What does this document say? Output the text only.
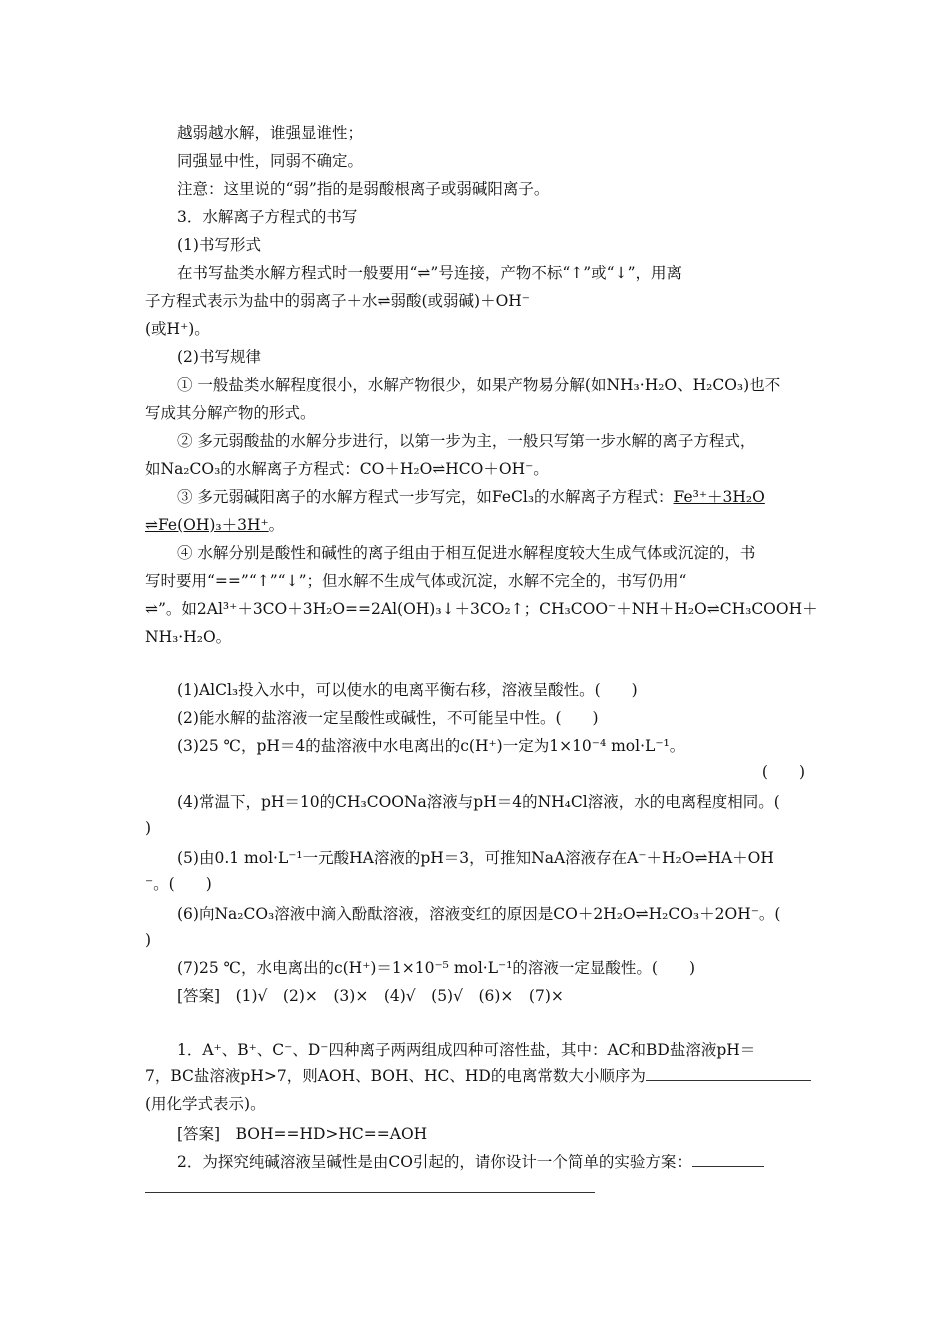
越弱越水解，谁强显谁性；
同强显中性，同弱不确定。
注意：这里说的“弱”指的是弱酸根离子或弱碱阳离子。
3．水解离子方程式的书写
(1)书写形式
在书写盐类水解方程式时一般要用“⇌”号连接，产物不标“↑”或“↓”，用离
子方程式表示为盐中的弱离子＋水⇌弱酸(或弱碱)＋OH⁻
(或H⁺)。
(2)书写规律
① 一般盐类水解程度很小，水解产物很少，如果产物易分解(如NH₃·H₂O、H₂CO₃)也不
写成其分解产物的形式。
② 多元弱酸盐的水解分步进行，以第一步为主，一般只写第一步水解的离子方程式，
如Na₂CO₃的水解离子方程式：CO＋H₂O⇌HCO＋OH⁻。
③ 多元弱碱阳离子的水解方程式一步写完，如FeCl₃的水解离子方程式：Fe³⁺＋3H₂O
⇌Fe(OH)₃＋3H⁺。
④ 水解分别是酸性和碱性的离子组由于相互促进水解程度较大生成气体或沉淀的，书
写时要用“==”“↑”“↓”；但水解不生成气体或沉淀，水解不完全的，书写仍用“
⇌”。如2Al³⁺＋3CO＋3H₂O==2Al(OH)₃↓＋3CO₂↑；CH₃COO⁻＋NH＋H₂O⇌CH₃COOH＋
NH₃·H₂O。
(1)AlCl₃投入水中，可以使水的电离平衡右移，溶液呈酸性。(　　)
(2)能水解的盐溶液一定呈酸性或碱性，不可能呈中性。(　　)
(3)25 ℃，pH＝4的盐溶液中水电离出的c(H⁺)一定为1×10⁻⁴ mol·L⁻¹。
(　　)
(4)常温下，pH＝10的CH₃COONa溶液与pH＝4的NH₄Cl溶液，水的电离程度相同。(
)
(5)由0.1 mol·L⁻¹一元酸HA溶液的pH＝3，可推知NaA溶液存在A⁻＋H₂O⇌HA＋OH
⁻。(　　)
(6)向Na₂CO₃溶液中滴入酚酞溶液，溶液变红的原因是CO＋2H₂O⇌H₂CO₃＋2OH⁻。(
)
(7)25 ℃，水电离出的c(H⁺)＝1×10⁻⁵ mol·L⁻¹的溶液一定显酸性。(　　)
[答案]　(1)√　(2)×　(3)×　(4)√　(5)√　(6)×　(7)×
1．A⁺、B⁺、C⁻、D⁻四种离子两两组成四种可溶性盐，其中：AC和BD盐溶液pH＝
7，BC盐溶液pH>7，则AOH、BOH、HC、HD的电离常数大小顺序为
(用化学式表示)。
[答案]　BOH==HD>HC==AOH
2．为探究纯碱溶液呈碱性是由CO引起的，请你设计一个简单的实验方案：
